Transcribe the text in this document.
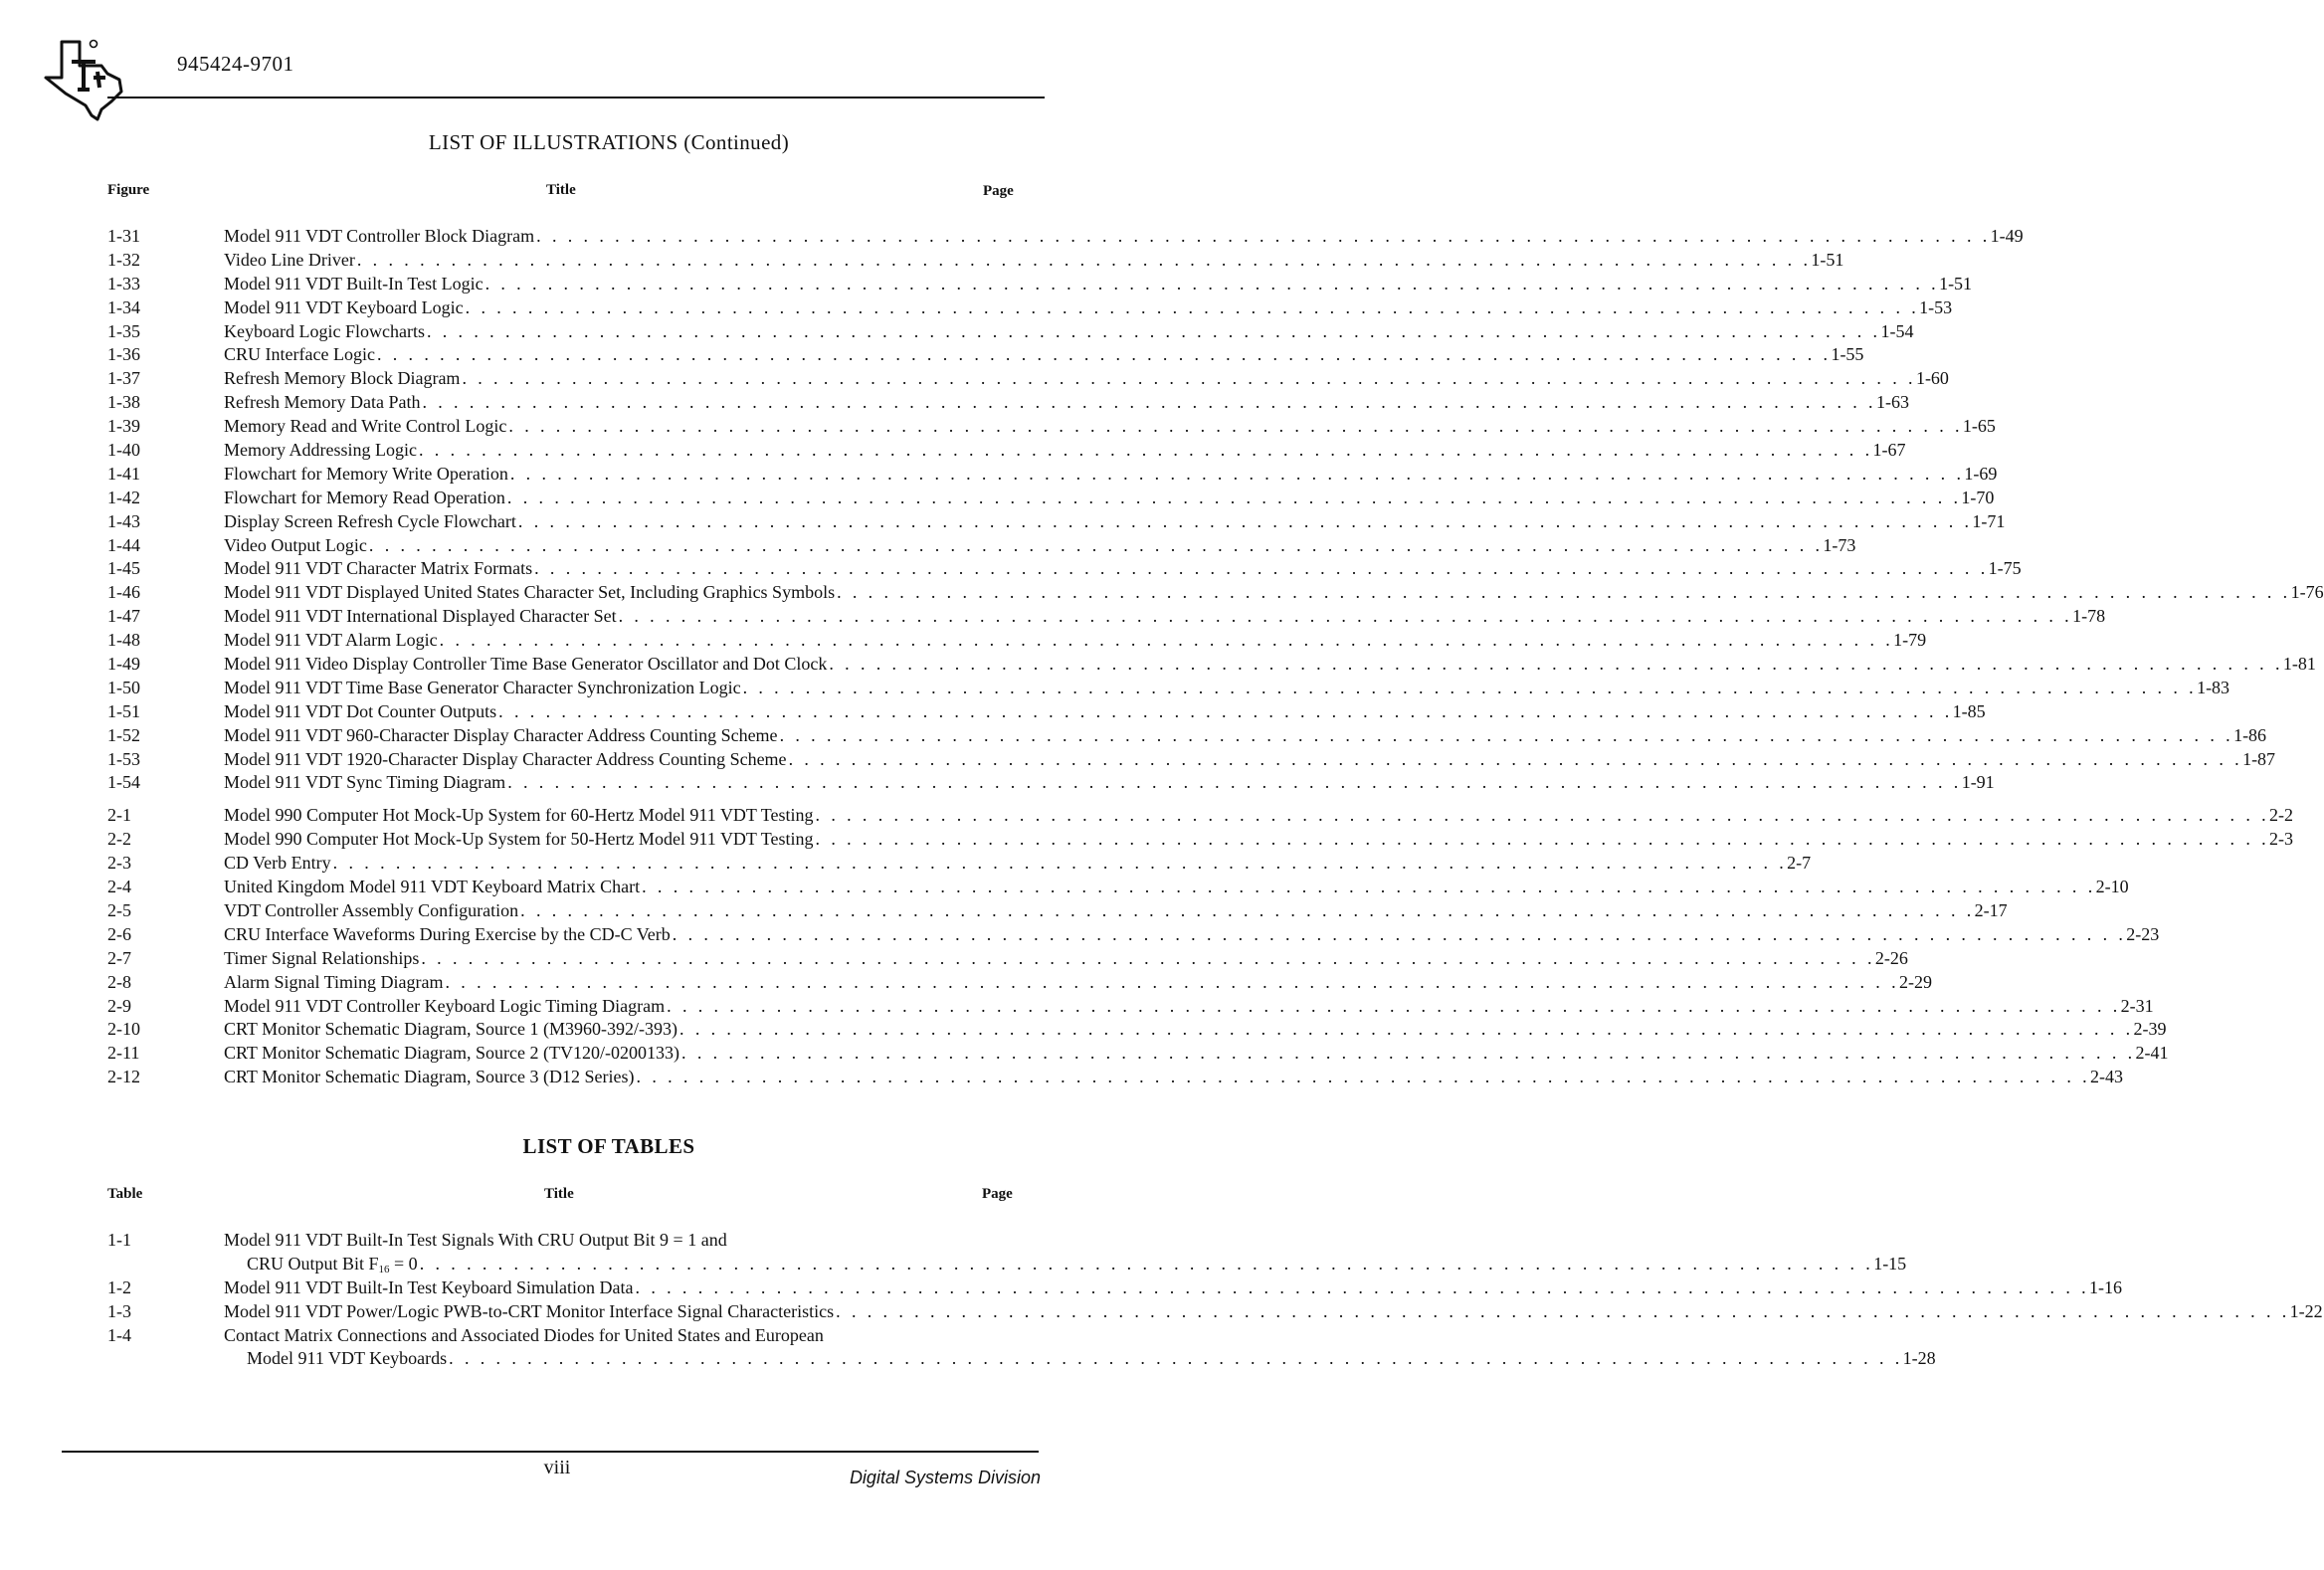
945424-9701
LIST OF ILLUSTRATIONS (Continued)
Figure	Title	Page
1-31	Model 911 VDT Controller Block Diagram . . . . . . . . . . . . . . . . . . . . . . . . . . . . . . . . . . . . . . . . . . . . . . . . . . . . . . . . . . . . . . . . . . . . . . . . . . . . . . . . . . . . . . . . . . . . . 1-49
1-32	Video Line Driver . . . . . . . . . . . . . . . . . . . . . . . . . . . . . . . . . . . . . . . . . . . . . . . . . . . . . . . . . . . . . . . . . . . . . . . . . . . . . . . . . . . . . . . . . . . . . 1-51
1-33	Model 911 VDT Built-In Test Logic . . . . . . . . . . . . . . . . . . . . . . . . . . . . . . . . . . . . . . . . . . . . . . . . . . . . . . . . . . . . . . . . . . . . . . . . . . . . . . . . . . . . . . . . . . . . . 1-51
1-34	Model 911 VDT Keyboard Logic . . . . . . . . . . . . . . . . . . . . . . . . . . . . . . . . . . . . . . . . . . . . . . . . . . . . . . . . . . . . . . . . . . . . . . . . . . . . . . . . . . . . . . . . . . . . . 1-53
1-35	Keyboard Logic Flowcharts . . . . . . . . . . . . . . . . . . . . . . . . . . . . . . . . . . . . . . . . . . . . . . . . . . . . . . . . . . . . . . . . . . . . . . . . . . . . . . . . . . . . . . . . . . . . . 1-54
1-36	CRU Interface Logic . . . . . . . . . . . . . . . . . . . . . . . . . . . . . . . . . . . . . . . . . . . . . . . . . . . . . . . . . . . . . . . . . . . . . . . . . . . . . . . . . . . . . . . . . . . . . 1-55
1-37	Refresh Memory Block Diagram . . . . . . . . . . . . . . . . . . . . . . . . . . . . . . . . . . . . . . . . . . . . . . . . . . . . . . . . . . . . . . . . . . . . . . . . . . . . . . . . . . . . . . . . . . . . . 1-60
1-38	Refresh Memory Data Path . . . . . . . . . . . . . . . . . . . . . . . . . . . . . . . . . . . . . . . . . . . . . . . . . . . . . . . . . . . . . . . . . . . . . . . . . . . . . . . . . . . . . . . . . . . . . 1-63
1-39	Memory Read and Write Control Logic . . . . . . . . . . . . . . . . . . . . . . . . . . . . . . . . . . . . . . . . . . . . . . . . . . . . . . . . . . . . . . . . . . . . . . . . . . . . . . . . . . . . . . . . . . . . . 1-65
1-40	Memory Addressing Logic . . . . . . . . . . . . . . . . . . . . . . . . . . . . . . . . . . . . . . . . . . . . . . . . . . . . . . . . . . . . . . . . . . . . . . . . . . . . . . . . . . . . . . . . . . . . . 1-67
1-41	Flowchart for Memory Write Operation . . . . . . . . . . . . . . . . . . . . . . . . . . . . . . . . . . . . . . . . . . . . . . . . . . . . . . . . . . . . . . . . . . . . . . . . . . . . . . . . . . . . . . . . . . . . . 1-69
1-42	Flowchart for Memory Read Operation . . . . . . . . . . . . . . . . . . . . . . . . . . . . . . . . . . . . . . . . . . . . . . . . . . . . . . . . . . . . . . . . . . . . . . . . . . . . . . . . . . . . . . . . . . . . . 1-70
1-43	Display Screen Refresh Cycle Flowchart . . . . . . . . . . . . . . . . . . . . . . . . . . . . . . . . . . . . . . . . . . . . . . . . . . . . . . . . . . . . . . . . . . . . . . . . . . . . . . . . . . . . . . . . . . . . . 1-71
1-44	Video Output Logic . . . . . . . . . . . . . . . . . . . . . . . . . . . . . . . . . . . . . . . . . . . . . . . . . . . . . . . . . . . . . . . . . . . . . . . . . . . . . . . . . . . . . . . . . . . . . 1-73
1-45	Model 911 VDT Character Matrix Formats . . . . . . . . . . . . . . . . . . . . . . . . . . . . . . . . . . . . . . . . . . . . . . . . . . . . . . . . . . . . . . . . . . . . . . . . . . . . . . . . . . . . . . . . . . . . . 1-75
1-46	Model 911 VDT Displayed United States Character Set, Including Graphics Symbols . . . . . . . . . . . . . . . . . . . . . . . . . . . . . . . . . . . . . . . . . . . . . . . . . . . . . . . . . . . . . . . . . . . . . . . . . . . . . . . . . . . . . . . . . . . . . 1-76
1-47	Model 911 VDT International Displayed Character Set . . . . . . . . . . . . . . . . . . . . . . . . . . . . . . . . . . . . . . . . . . . . . . . . . . . . . . . . . . . . . . . . . . . . . . . . . . . . . . . . . . . . . . . . . . . . . 1-78
1-48	Model 911 VDT Alarm Logic . . . . . . . . . . . . . . . . . . . . . . . . . . . . . . . . . . . . . . . . . . . . . . . . . . . . . . . . . . . . . . . . . . . . . . . . . . . . . . . . . . . . . . . . . . . . . 1-79
1-49	Model 911 Video Display Controller Time Base Generator Oscillator and Dot Clock . . . . . . . . . . . . . . . . . . . . . . . . . . . . . . . . . . . . . . . . . . . . . . . . . . . . . . . . . . . . . . . . . . . . . . . . . . . . . . . . . . . . . . . . . . . . . 1-81
1-50	Model 911 VDT Time Base Generator Character Synchronization Logic . . . . . . . . . . . . . . . . . . . . . . . . . . . . . . . . . . . . . . . . . . . . . . . . . . . . . . . . . . . . . . . . . . . . . . . . . . . . . . . . . . . . . . . . . . . . . 1-83
1-51	Model 911 VDT Dot Counter Outputs . . . . . . . . . . . . . . . . . . . . . . . . . . . . . . . . . . . . . . . . . . . . . . . . . . . . . . . . . . . . . . . . . . . . . . . . . . . . . . . . . . . . . . . . . . . . . 1-85
1-52	Model 911 VDT 960-Character Display Character Address Counting Scheme . . . . . . . . . . . . . . . . . . . . . . . . . . . . . . . . . . . . . . . . . . . . . . . . . . . . . . . . . . . . . . . . . . . . . . . . . . . . . . . . . . . . . . . . . . . . . 1-86
1-53	Model 911 VDT 1920-Character Display Character Address Counting Scheme . . . . . . . . . . . . . . . . . . . . . . . . . . . . . . . . . . . . . . . . . . . . . . . . . . . . . . . . . . . . . . . . . . . . . . . . . . . . . . . . . . . . . . . . . . . . . 1-87
1-54	Model 911 VDT Sync Timing Diagram . . . . . . . . . . . . . . . . . . . . . . . . . . . . . . . . . . . . . . . . . . . . . . . . . . . . . . . . . . . . . . . . . . . . . . . . . . . . . . . . . . . . . . . . . . . . . 1-91
2-1	Model 990 Computer Hot Mock-Up System for 60-Hertz Model 911 VDT Testing . . . . . . . . . . . . . . . . . . . . . . . . . . . . . . . . . . . . . . . . . . . . . . . . . . . . . . . . . . . . . . . . . . . . . . . . . . . . . . . . . . . . . . . . . . . . . 2-2
2-2	Model 990 Computer Hot Mock-Up System for 50-Hertz Model 911 VDT Testing . . . . . . . . . . . . . . . . . . . . . . . . . . . . . . . . . . . . . . . . . . . . . . . . . . . . . . . . . . . . . . . . . . . . . . . . . . . . . . . . . . . . . . . . . . . . . 2-3
2-3	CD Verb Entry . . . . . . . . . . . . . . . . . . . . . . . . . . . . . . . . . . . . . . . . . . . . . . . . . . . . . . . . . . . . . . . . . . . . . . . . . . . . . . . . . . . . . . . . . . . . . 2-7
2-4	United Kingdom Model 911 VDT Keyboard Matrix Chart . . . . . . . . . . . . . . . . . . . . . . . . . . . . . . . . . . . . . . . . . . . . . . . . . . . . . . . . . . . . . . . . . . . . . . . . . . . . . . . . . . . . . . . . . . . . . 2-10
2-5	VDT Controller Assembly Configuration . . . . . . . . . . . . . . . . . . . . . . . . . . . . . . . . . . . . . . . . . . . . . . . . . . . . . . . . . . . . . . . . . . . . . . . . . . . . . . . . . . . . . . . . . . . . . 2-17
2-6	CRU Interface Waveforms During Exercise by the CD-C Verb . . . . . . . . . . . . . . . . . . . . . . . . . . . . . . . . . . . . . . . . . . . . . . . . . . . . . . . . . . . . . . . . . . . . . . . . . . . . . . . . . . . . . . . . . . . . . 2-23
2-7	Timer Signal Relationships . . . . . . . . . . . . . . . . . . . . . . . . . . . . . . . . . . . . . . . . . . . . . . . . . . . . . . . . . . . . . . . . . . . . . . . . . . . . . . . . . . . . . . . . . . . . . 2-26
2-8	Alarm Signal Timing Diagram . . . . . . . . . . . . . . . . . . . . . . . . . . . . . . . . . . . . . . . . . . . . . . . . . . . . . . . . . . . . . . . . . . . . . . . . . . . . . . . . . . . . . . . . . . . . . 2-29
2-9	Model 911 VDT Controller Keyboard Logic Timing Diagram . . . . . . . . . . . . . . . . . . . . . . . . . . . . . . . . . . . . . . . . . . . . . . . . . . . . . . . . . . . . . . . . . . . . . . . . . . . . . . . . . . . . . . . . . . . . . 2-31
2-10	CRT Monitor Schematic Diagram, Source 1 (M3960-392/-393) . . . . . . . . . . . . . . . . . . . . . . . . . . . . . . . . . . . . . . . . . . . . . . . . . . . . . . . . . . . . . . . . . . . . . . . . . . . . . . . . . . . . . . . . . . . . . 2-39
2-11	CRT Monitor Schematic Diagram, Source 2 (TV120/-0200133) . . . . . . . . . . . . . . . . . . . . . . . . . . . . . . . . . . . . . . . . . . . . . . . . . . . . . . . . . . . . . . . . . . . . . . . . . . . . . . . . . . . . . . . . . . . . . 2-41
2-12	CRT Monitor Schematic Diagram, Source 3 (D12 Series) . . . . . . . . . . . . . . . . . . . . . . . . . . . . . . . . . . . . . . . . . . . . . . . . . . . . . . . . . . . . . . . . . . . . . . . . . . . . . . . . . . . . . . . . . . . . . 2-43
LIST OF TABLES
Table	Title	Page
1-1	Model 911 VDT Built-In Test Signals With CRU Output Bit 9 = 1 and
CRU Output Bit $F_{16} = 0$ . . . . . . . . . . . . . . . . . . . . . . . . . . . . . . . . . . . . . . . . . . . . . . . . . . . . . . . . . . . . . . . . . . . . . . . . . . . . . . . . . . . . . . . . . . . . . 1-15
1-2	Model 911 VDT Built-In Test Keyboard Simulation Data . . . . . . . . . . . . . . . . . . . . . . . . . . . . . . . . . . . . . . . . . . . . . . . . . . . . . . . . . . . . . . . . . . . . . . . . . . . . . . . . . . . . . . . . . . . . . 1-16
1-3	Model 911 VDT Power/Logic PWB-to-CRT Monitor Interface Signal Characteristics . . . . . . . . . . . . . . . . . . . . . . . . . . . . . . . . . . . . . . . . . . . . . . . . . . . . . . . . . . . . . . . . . . . . . . . . . . . . . . . . . . . . . . . . . . . . . 1-22
1-4	Contact Matrix Connections and Associated Diodes for United States and European
Model 911 VDT Keyboards . . . . . . . . . . . . . . . . . . . . . . . . . . . . . . . . . . . . . . . . . . . . . . . . . . . . . . . . . . . . . . . . . . . . . . . . . . . . . . . . . . . . . . . . . . . . . 1-28
viii	Digital Systems Division
